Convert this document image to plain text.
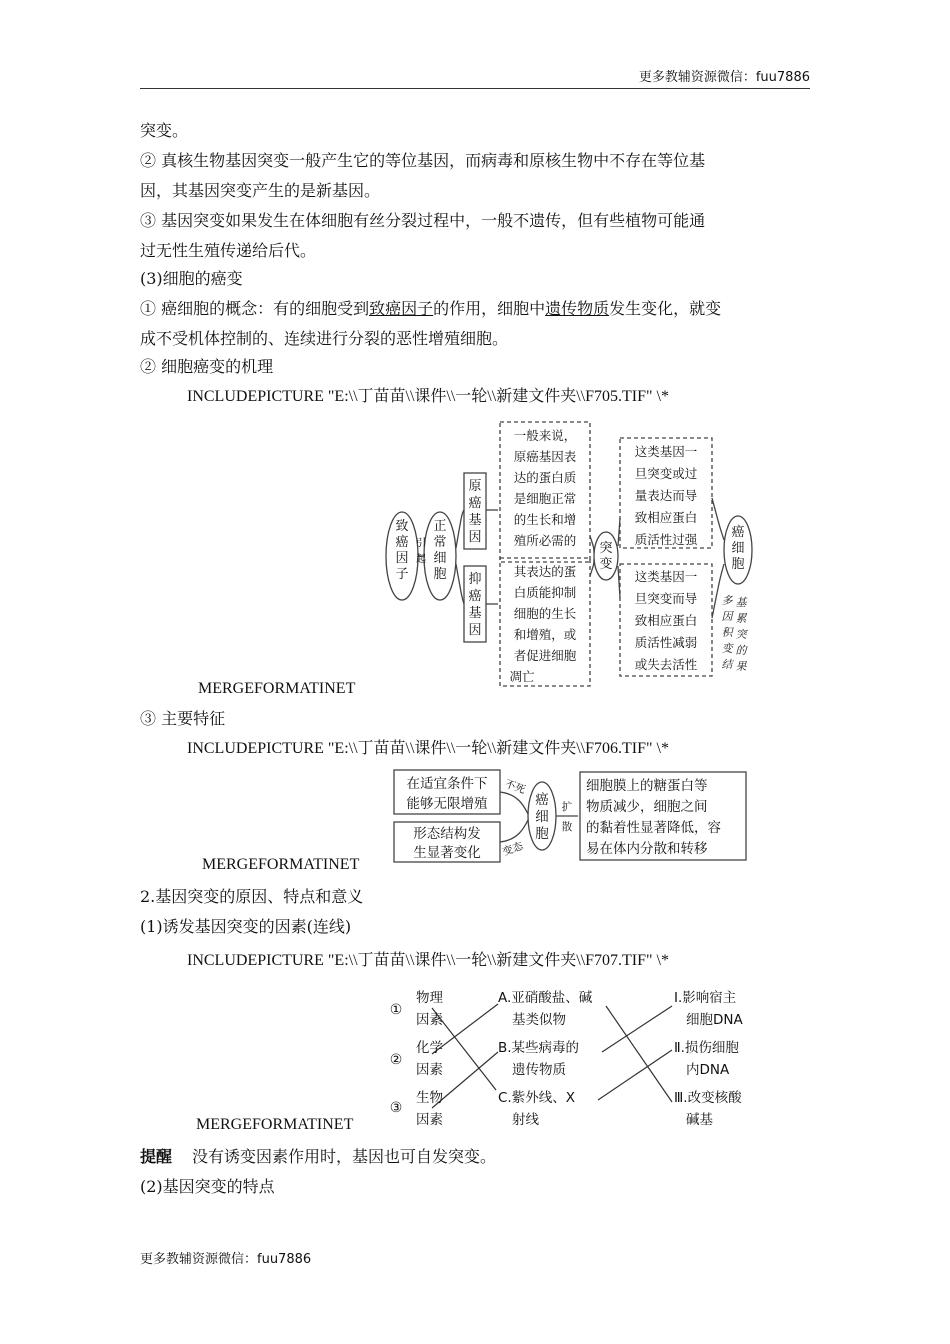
更多教辅资源微信：fuu7886
突变。
② 真核生物基因突变一般产生它的等位基因，而病毒和原核生物中不存在等位基
因，其基因突变产生的是新基因。
③ 基因突变如果发生在体细胞有丝分裂过程中，一般不遗传，但有些植物可能通
过无性生殖传递给后代。
(3)细胞的癌变
① 癌细胞的概念：有的细胞受到致癌因子的作用，细胞中遗传物质发生变化，就变
成不受机体控制的、连续进行分裂的恶性增殖细胞。
② 细胞癌变的机理
INCLUDEPICTURE "E:\\丁苗苗\\课件\\一轮\\新建文件夹\\F705.TIF" \*
致
癌
因
子
引
起
正
常
细
胞
原
癌
基
因
抑
癌
基
因
突
变
癌
细
胞
一般来说，
原癌基因表
达的蛋白质
是细胞正常
的生长和增
殖所必需的
其表达的蛋
白质能抑制
细胞的生长
和增殖，或
者促进细胞
凋亡
这类基因一
旦突变或过
量表达而导
致相应蛋白
质活性过强
这类基因一
旦突变而导
致相应蛋白
质活性减弱
或失去活性
多
因
积
变
结
基
累
突
的
果
MERGEFORMATINET
③ 主要特征
INCLUDEPICTURE "E:\\丁苗苗\\课件\\一轮\\新建文件夹\\F706.TIF" \*
在适宜条件下
能够无限增殖
形态结构发
生显著变化
癌
细
胞
不死
变态
扩
散
细胞膜上的糖蛋白等
物质减少，细胞之间
的黏着性显著降低，容
易在体内分散和转移
MERGEFORMATINET
2.基因突变的原因、特点和意义
(1)诱发基因突变的因素(连线)
INCLUDEPICTURE "E:\\丁苗苗\\课件\\一轮\\新建文件夹\\F707.TIF" \*
①
②
③
物理
因素
化学
因素
生物
因素
A.亚硝酸盐、碱
基类似物
B.某些病毒的
遗传物质
C.紫外线、X
射线
Ⅰ.影响宿主
细胞DNA
Ⅱ.损伤细胞
内DNA
Ⅲ.改变核酸
碱基
MERGEFORMATINET
提醒 没有诱变因素作用时，基因也可自发突变。
(2)基因突变的特点
更多教辅资源微信：fuu7886
